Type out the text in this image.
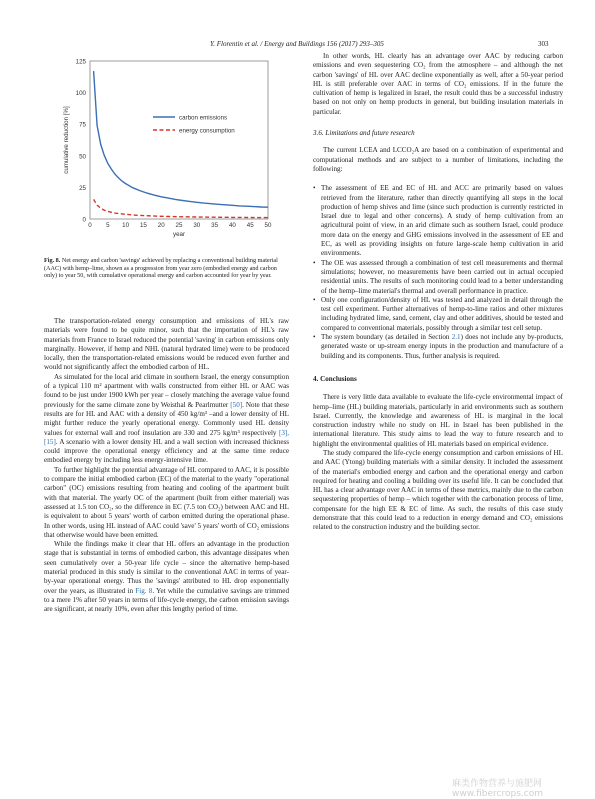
Y. Florentin et al. / Energy and Buildings 156 (2017) 293–305	303
0
25
50
75
100
125
0 5 10 15 20 25 30 35 40 45 50
year
cumulative reduction [%]	carbon emissions
energy consumption
Fig. 8. Net energy and carbon 'savings' achieved by replacing a conventional building material (AAC) with hemp–lime, shown as a progression from year zero (embodied energy and carbon only) to year 50, with cumulative operational energy and carbon accounted for year by year.

The transportation-related energy consumption and emissions of HL's raw materials were found to be quite minor, such that the importation of HL's raw materials from France to Israel reduced the potential 'saving' in carbon emissions only marginally. However, if hemp and NHL (natural hydrated lime) were to be produced locally, then the transportation-related emissions would be reduced even further and would not significantly affect the embodied carbon of HL.

As simulated for the local arid climate in southern Israel, the energy consumption of a typical 110 m² apartment with walls constructed from either HL or AAC was found to be just under 1900 kWh per year – closely matching the average value found previously for the same climate zone by Weisthal & Pearlmutter [50]. Note that these results are for HL and AAC with a density of 450 kg/m³ –and a lower density of HL might further reduce the yearly operational energy. Commonly used HL density values for external wall and roof insulation are 330 and 275 kg/m³ respectively [3], [15]. A scenario with a lower density HL and a wall section with increased thickness could improve the operational energy efficiency and at the same time reduce embodied energy by including less energy-intensive lime.

To further highlight the potential advantage of HL compared to AAC, it is possible to compare the initial embodied carbon (EC) of the material to the yearly "operational carbon" (OC) emissions resulting from heating and cooling of the apartment built with that material. The yearly OC of the apartment (built from either material) was assessed at 1.5 ton CO₂, so the difference in EC (7.5 ton CO₂) between AAC and HL is equivalent to about 5 years' worth of carbon emitted during the operational phase. In other words, using HL instead of AAC could 'save' 5 years' worth of CO₂ emissions that otherwise would have been emitted.

While the findings make it clear that HL offers an advantage in the production stage that is substantial in terms of embodied carbon, this advantage dissipates when seen cumulatively over a 50-year life cycle – since the alternative hemp-based material produced in this study is similar to the conventional AAC in terms of year-by-year operational energy. Thus the 'savings' attributed to HL drop exponentially over the years, as illustrated in Fig. 8. Yet while the cumulative savings are trimmed to a mere 1% after 50 years in terms of life-cycle energy, the carbon emission savings are significant, at nearly 10%, even after this lengthy period of time.

In other words, HL clearly has an advantage over AAC by reducing carbon emissions and even sequestering CO₂ from the atmosphere – and although the net carbon 'savings' of HL over AAC decline exponentially as well, after a 50-year period HL is still preferable over AAC in terms of CO₂ emissions. If in the future the cultivation of hemp is legalized in Israel, the result could thus be a successful industry based on not only on hemp products in general, but building insulation materials in particular.

3.6. Limitations and future research

The current LCEA and LCCO₂A are based on a combination of experimental and computational methods and are subject to a number of limitations, including the following:

• The assessment of EE and EC of HL and ACC are primarily based on values retrieved from the literature, rather than directly quantifying all steps in the local production of hemp shives and lime (since such production is currently restricted in Israel due to legal and other concerns). A study of hemp cultivation from an agricultural point of view, in an arid climate such as southern Israel, could produce more data on the energy and GHG emissions involved in the assessment of EE and EC, as well as providing insights on future large-scale hemp cultivation in arid environments.
• The OE was assessed through a combination of test cell measurements and thermal simulations; however, no measurements have been carried out in actual occupied residential units. The results of such monitoring could lead to a better understanding of the hemp–lime material's thermal and overall performance in practice.
• Only one configuration/density of HL was tested and analyzed in detail through the test cell experiment. Further alternatives of hemp-to-lime ratios and other mixtures including hydrated lime, sand, cement, clay and other additives, should be tested and compared to conventional materials, possibly through a similar test cell setup.
• The system boundary (as detailed in Section 2.1) does not include any by-products, generated waste or up-stream energy inputs in the production and manufacture of a building and its components. Thus, further analysis is required.

4. Conclusions

There is very little data available to evaluate the life-cycle environmental impact of hemp–lime (HL) building materials, particularly in arid environments such as southern Israel. Currently, the knowledge and awareness of HL is marginal in the local construction industry while no study on HL in Israel has been published in the international literature. This study aims to lead the way to future research and to highlight the environmental qualities of HL materials based on empirical evidence.

The study compared the life-cycle energy consumption and carbon emissions of HL and AAC (Ytong) building materials with a similar density. It included the assessment of the material's embodied energy and carbon and the operational energy and carbon required for heating and cooling a building over its useful life. It can be concluded that HL has a clear advantage over AAC in terms of these metrics, mainly due to the carbon sequestering properties of hemp – which together with the carbonation process of lime, compensate for the high EE & EC of lime. As such, the results of this case study demonstrate that this could lead to a reduction in energy demand and CO₂ emissions related to the construction industry and the building sector.

麻类作物营养与施肥网 www.fibercrops.com
